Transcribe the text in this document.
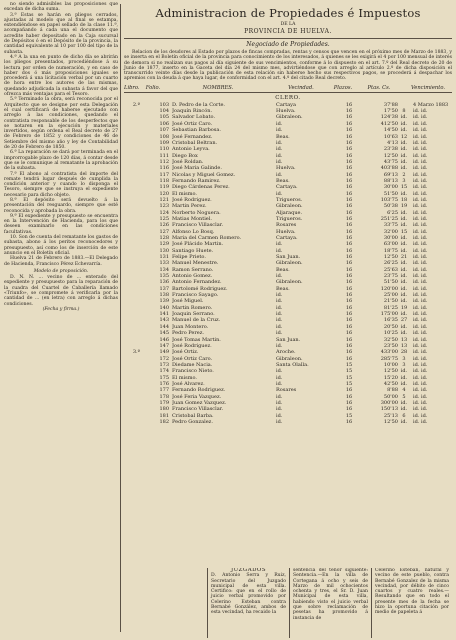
no siendo admisibles las proposiciones que excedan de dicha suma.

3.ª Estas se harán en pliegos cerrados, ajustadas al modelo que al final se estampa, extendiéndose en papel sellado de la clase 11.ª, acompañando á cada una el documento que acredite haber depositado en la Caja sucursal de Depósitos ó en el Depósito de la provincia, la cantidad equivalente al 10 por 100 del tipo de la subasta.

4.ª A la una en punto de dicho día se abrirán los pliegos presentados, procediéndose á su lectura por orden de numeración, y en caso de haber dos ó más proposiciones iguales se procederá á una licitación verbal por un cuarto de hora entre los autores de las mismas, quedando adjudicada la subasta á favor del que ofrezca más ventajas para el Tesoro.

5.ª Terminado la obra, será reconocida por el Arquitecto que se designe por esta Delegación el cual certificará de haberse ejecutado con arreglo á las condiciones, quedando el contratista responsable de los desperfectos que se notaren en la ejecución y materiales invertidos, según ordena el Real decreto de 27 de Febrero de 1852 y condiciones de 46 de Setiembre del mismo año y ley de Contabilidad de 20 de Febrero de 1850.

6.ª La reparación se dará por terminada en el improrrogable plazo de 120 días, á contar desde que se le comunique al rematante la aprobación de la subasta.

7.ª El abono al contratista del importe del remate tendrá lugar después de cumplida la condición anterior y cuando lo disponga el Tesoro, siempre que se instruya el expediente necesario para dicho objeto.

8.ª El depósito será devuelto á la presentación del resguardo, siempre que esté reconocida y aprobada la obra.

9.ª El expediente y presupuesto se encuentra en la Intervención de Hacienda, para los que deseen examinarlo en las condiciones facultativas.

10. Son de cuenta del rematante los gastos de subasta, abono á los peritos reconocedores y presupuesto, así como los de inserción de este anuncio en el Boletín oficial.

Huelva 21 de Febrero de 1883.—El Delegado de Hacienda, Francisco Pérez Echevarría.

Modelo de proposición.

D. N. N. ... vecino de ... enterado del expediente y presupuesto para la reparación de la cuadra del Cuartel de Caballería llamado «Triunfo», se compromete á verificarla por la cantidad de ... (en letra) con arreglo á dichas condiciones.

(Fecha y firma.)

Administracion de Propiedades é Impuestos
DE LA
PROVINCIA DE HUELVA.
Negociado de Propiedades.
Relacion de los deudores al Estado por plazos de fincas compradas, rentas y censos que vencen en el próximo mes de Marzo de 1883, y se inserta en el Boletín oficial de la provincia para conocimiento de los interesados, á quienes se les exigirá el 4 por 100 mensual de interés de demora si no realizan sus pagos al día siguiente de sus vencimientos, conforme á lo dispuesto en el art. 7.º del Real decreto de 20 de Junio de 1877, inserto en la Gaceta del día 24 del mismo mes, advirtiéndose que con arreglo al artículo 2.º de dicha disposición el transcurrido veinte días desde la publicación de esta relación sin haberse hecho sus respectivos pagos, se procederá á despachar los apremios con la deuda á que haya lugar, de conformidad con el art. 4.º del citado Real decreto.
Libro.	Folio.	NOMBRES.	Vecindad.	Plazos.	Ptas. Cs.	Vencimiento.
CLERO.
2.º	103	D. Pedro de la Corte.	Cartaya	16	37'88		4 Marzo 1883
	104	Joaquín Rincón.	Huelva.	16	17'50	8	id. id.
	105	Salvador Lobato.	Gibraleon.	16	124'38	id.	id. id.
	106	José Ortiz Caro.	id.	16	412'50	id.	id. id.
	107	Sebastian Barbosa.	id.	16	14'50	id.	id. id.
	108	José Fernandez.	Beas.	16	10'63	12	id. id.
	109	Cristobal Beltran.	id.	16	4'13	id.	id. id.
	110	Antonio Leyva.	id.	16	23'38	id.	id. id.
	111	Diego Box	id.	16	12'50	id.	id. id.
	112	José Roldan.	id.	16	43'75	id.	id. id.
	116	José Maria Galinde.	Huelva.	16	403'88	id.	id. id.
	117	Nicolas y Miguel Gomez.	id.	16	69'13	2	id. id.
	118	Fernando Ramirez.	Beas.	16	88'13	3	id. id.
	119	Diego Cárdenas Perez.	Cartaya.	16	30'00	15	id. id.
	120	El mismo.	id.	16	51'50	id.	id. id.
	121	José Rodriguez.	Trigueros.	16	103'75	18	id. id.
	123	Martin Perez.	Gibraleon.	16	50'38	19	id. id.
	124	Norberto Noguera.	Aljaraque.	16	6'25	id.	id. id.
	125	Matias Montiel.	Trigueros.	16	251'25	id.	id. id.
	126	Francisco Villasclar.	Rosares	16	33'75	id.	id. id.
	127	Alfonso Lo Bosq.	Huelva.	16	32'00	15	id. id.
	128	Maria del Carmen Romero.	Cartaya.	16	30'00	id.	id. id.
	129	José Plácido Martin.	id.	16	63'00	id.	id. id.
	130	Santiago Huete.	id.	16	18'75	id.	id. id.
	131	Felipe Prieto.	San Juan.	16	12'50	21	id. id.
	133	Manuel Menestre.	Gibraleon.	16	26'25	id.	id. id.
	134	Ramon Serrano.	Beas.	16	25'63	id.	id. id.
	135	Antonio Gomez.	id.	16	23'75	id.	id. id.
	136	Antonio Fernandez.	Gibraleon.	16	51'50	id.	id. id.
	137	Bartolomé Rodriguez.	Beas.	16	120'00	id.	id. id.
	138	Francisco Sayago.	id.	16	25'00	id.	id. id.
	139	José Miguel.	id.	16	21'50	id.	id. id.
	140	Martin Romero.	id.	16	81'25	19	id. id.
	141	Joaquin Serrano.	id.	16	175'00	id.	id. id.
	143	Manuel de la Cruz.	id.	16	16'35	27	id. id.
	144	Juan Montero.	id.	16	20'50	id.	id. id.
	145	Pedro Perez.	id.	16	10'25	id.	id. id.
	146	José Tomas Martin.	San Juan.	16	32'50	13	id. id.
	147	José Rodriguez.	id.	16	23'50	13	id. id.
3.º	149	José Ortiz.	Aroche.	16	433'00	28	id. id.
	172	José Ortiz Caro.	Gibraleon.	16	285'75	3	id. id.
	173	Diedame Nacia.	Santa Olalla.	15	10'00	3	id. id.
	174	Francisco Nieto.	id.	15	12'50	id.	id. id.
	175	El mismo.	id.	15	15'20	id.	id. id.
	176	José Alvarez.	id.	15	42'50	id.	id. id.
	177	Fernando Rodriguez.	Rosares	16	8'88	4	id. id.
	178	José Feria Vazquez.	id.	16	50'00	5	id. id.
	179	Juan Gomez Vazquez.	id.	16	300'00	id.	id. id.
	180	Francisco Villasclar.	id.	16	150'13	id.	id. id.
	181	Cristobal Barba.	id.	15	25'13	6	id. id.
	182	Pedro Gonzalez.	id.	16	12'50	id.	id. id.
JUZGADOS
D. Antonio Serra y Ruiz, Secretario del Juzgado municipal de esta villa. Certifico: que en el rollo de juicio verbal promovido por Celerino Esteban contra Bernabé González, ambos de esta vecindad, ha recaido la
sentencia del tenor siguiente: Sentencia.—En la villa de Cortegana á ocho y seis de Marzo de mil ochocientos ochenta y tres, el Sr. D. Juan Municipal de esta villa, habiendo visto el juicio verbal que sobre reclamación de pesetas ha promovido á instancia de
Celerino Esteban, natural y vecino de este pueblo, contra Bernabé Gonzalez de la misma vecindad, por débito de cinco cuartos y cuatro reales.—Resultando que en todo el presente mes de la fecha se hizo la oportuna citación por medio de papeleta á
